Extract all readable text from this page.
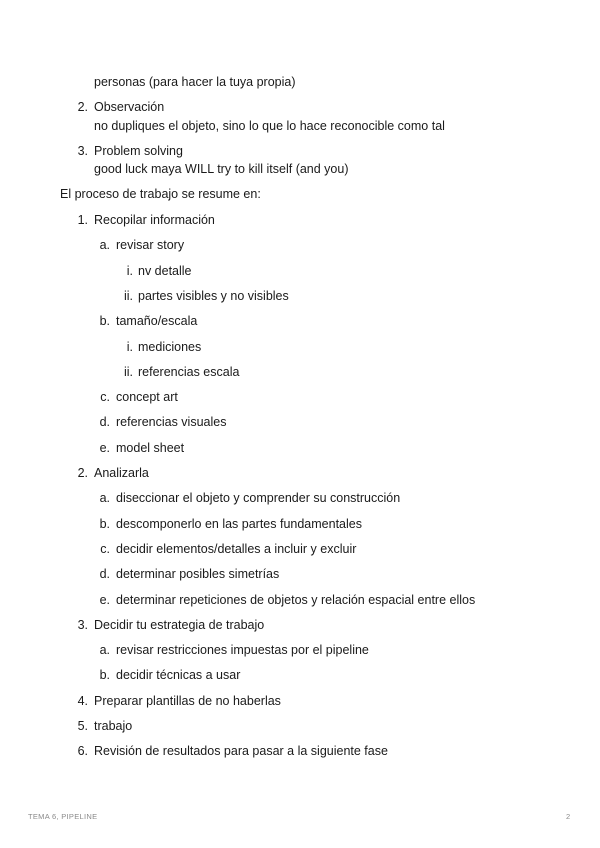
personas (para hacer la tuya propia)
2. Observación
no dupliques el objeto, sino lo que lo hace reconocible como tal
3. Problem solving
good luck maya WILL try to kill itself (and you)
El proceso de trabajo se resume en:
1. Recopilar información
a. revisar story
i. nv detalle
ii. partes visibles y no visibles
b. tamaño/escala
i. mediciones
ii. referencias escala
c. concept art
d. referencias visuales
e. model sheet
2. Analizarla
a. diseccionar el objeto y comprender su construcción
b. descomponerlo en las partes fundamentales
c. decidir elementos/detalles a incluir y excluir
d. determinar posibles simetrías
e. determinar repeticiones de objetos y relación espacial entre ellos
3. Decidir tu estrategia de trabajo
a. revisar restricciones impuestas por el pipeline
b. decidir técnicas a usar
4. Preparar plantillas de no haberlas
5. trabajo
6. Revisión de resultados para pasar a la siguiente fase
TEMA 6, PIPELINE	2
